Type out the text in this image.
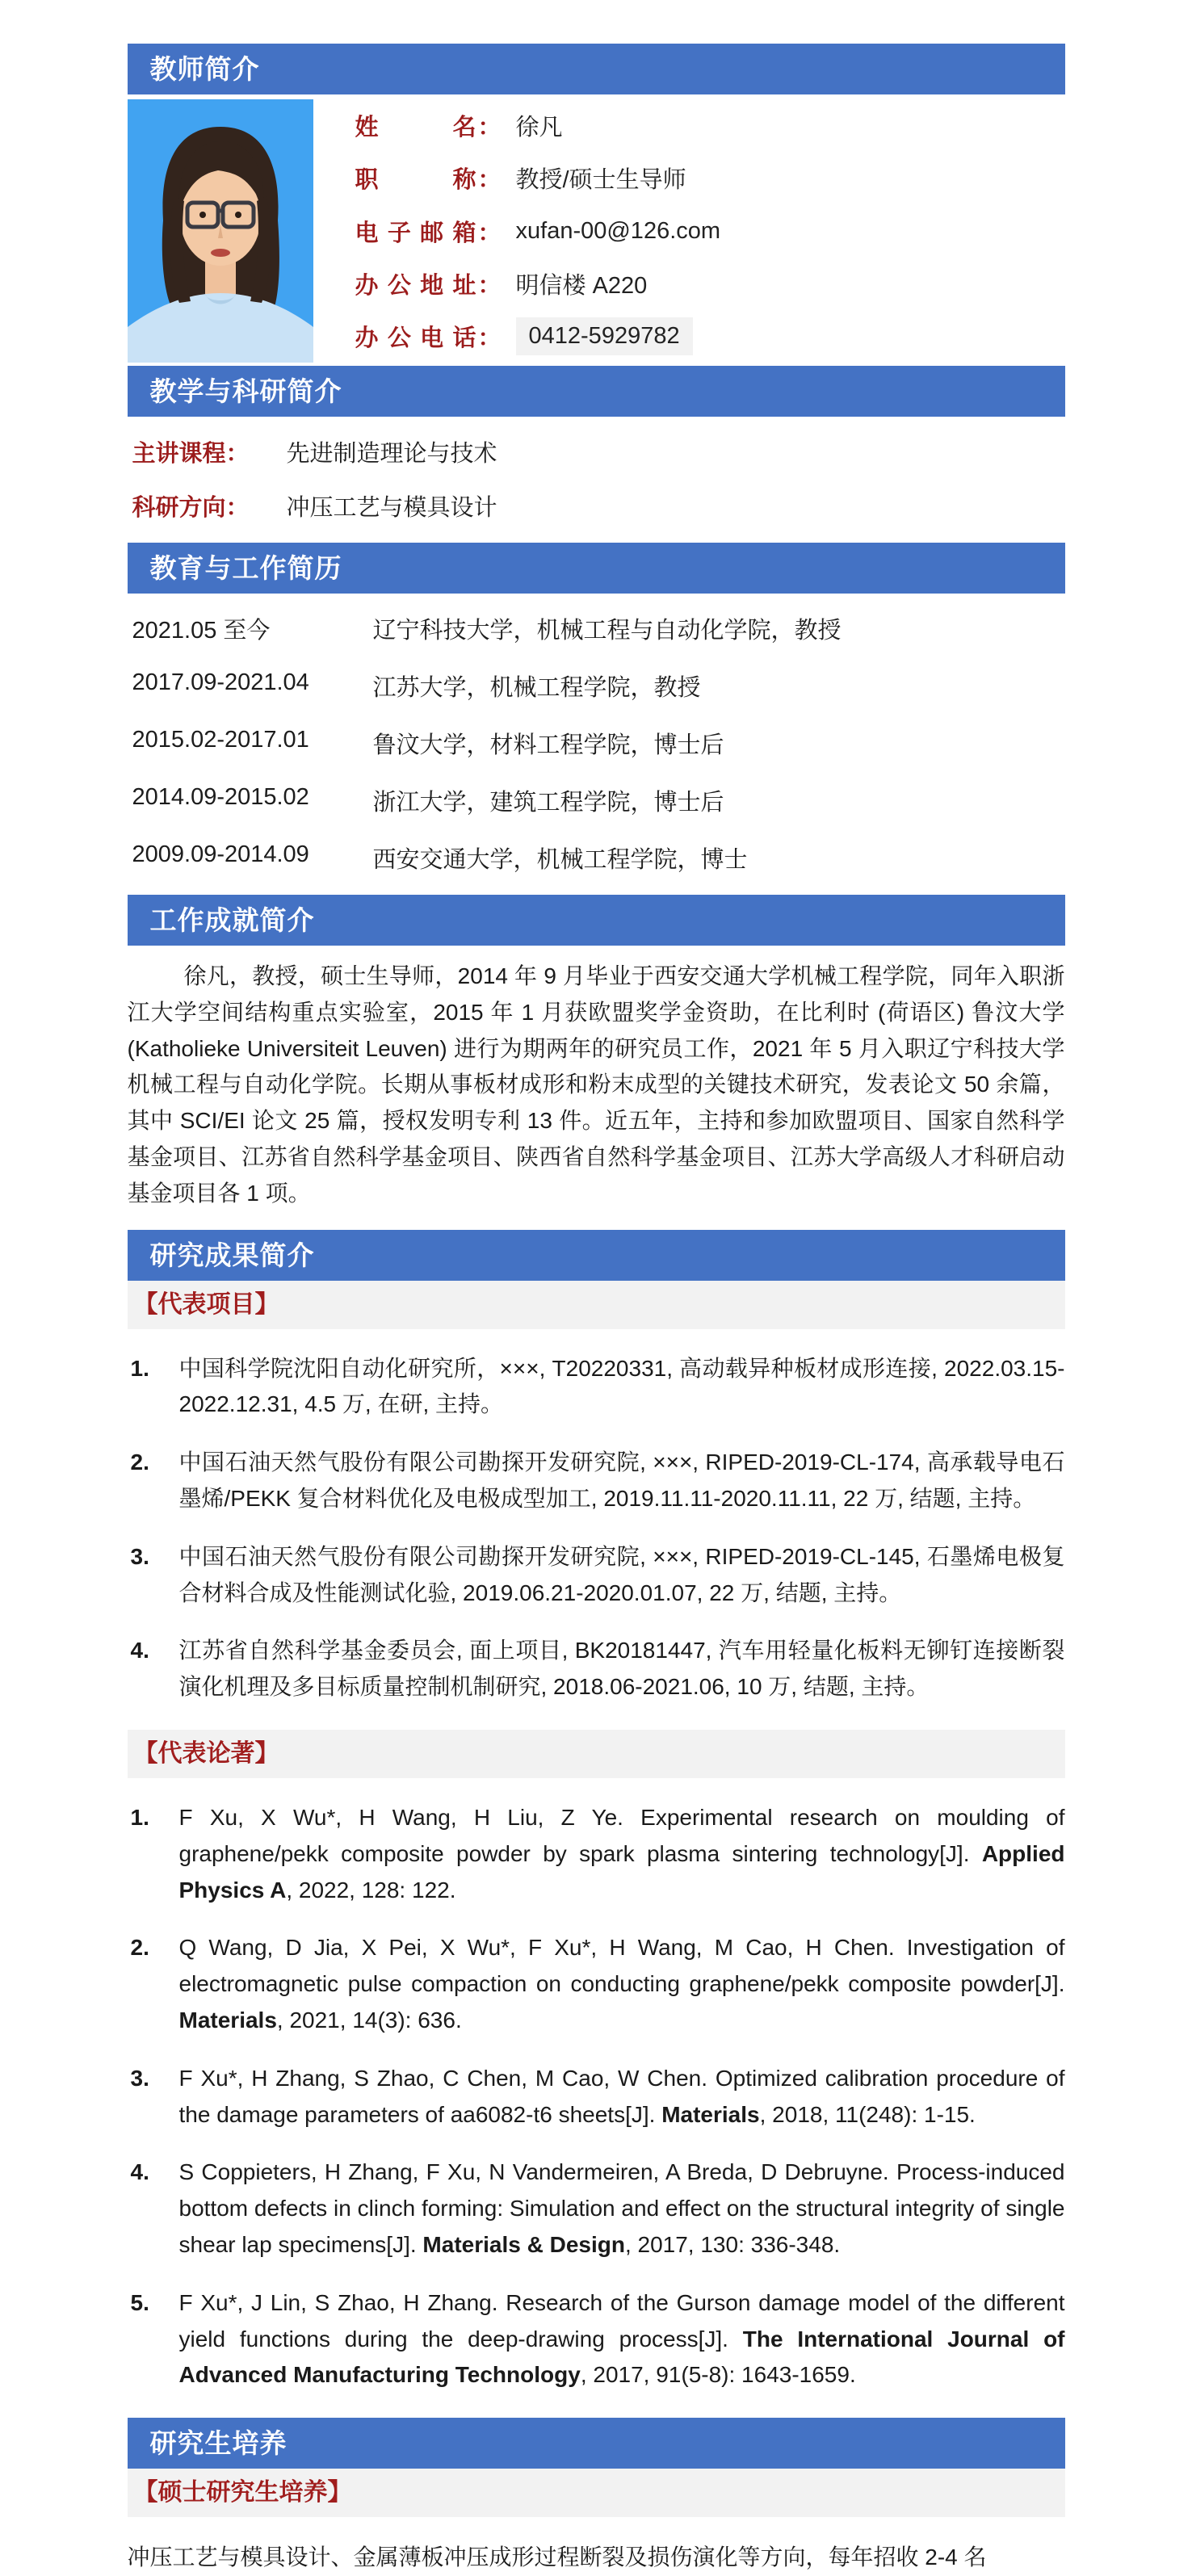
教师简介
姓名 ： 徐凡
职称 ： 教授/硕士生导师
电子邮箱 ： xufan-00@126.com
办公地址 ： 明信楼 A220
办公电话 ：	0412-5929782
教学与科研简介
主讲课程： 先进制造理论与技术
科研方向： 冲压工艺与模具设计
教育与工作简历
2021.05 至今	辽宁科技大学，机械工程与自动化学院，教授
2017.09-2021.04	江苏大学，机械工程学院，教授
2015.02-2017.01	鲁汶大学，材料工程学院，博士后
2014.09-2015.02	浙江大学，建筑工程学院，博士后
2009.09-2014.09	西安交通大学，机械工程学院，博士
工作成就简介

徐凡，教授，硕士生导师，2014 年 9 月毕业于西安交通大学机械工程学院，同年入职浙江大学空间结构重点实验室，2015 年 1 月获欧盟奖学金资助，在比利时 (荷语区) 鲁汶大学 (Katholieke Universiteit Leuven) 进行为期两年的研究员工作，2021 年 5 月入职辽宁科技大学机械工程与自动化学院。长期从事板材成形和粉末成型的关键技术研究，发表论文 50 余篇，其中 SCI/EI 论文 25 篇，授权发明专利 13 件。近五年，主持和参加欧盟项目、国家自然科学基金项目、江苏省自然科学基金项目、陕西省自然科学基金项目、江苏大学高级人才科研启动基金项目各 1 项。

研究成果简介
【代表项目】
1. 中国科学院沈阳自动化研究所，×××, T20220331, 高动载异种板材成形连接, 2022.03.15-2022.12.31, 4.5 万, 在研, 主持。
2. 中国石油天然气股份有限公司勘探开发研究院, ×××, RIPED-2019-CL-174, 高承载导电石墨烯/PEKK 复合材料优化及电极成型加工, 2019.11.11-2020.11.11, 22 万, 结题, 主持。
3. 中国石油天然气股份有限公司勘探开发研究院, ×××, RIPED-2019-CL-145, 石墨烯电极复合材料合成及性能测试化验, 2019.06.21-2020.01.07, 22 万, 结题, 主持。
4. 江苏省自然科学基金委员会, 面上项目, BK20181447, 汽车用轻量化板料无铆钉连接断裂演化机理及多目标质量控制机制研究, 2018.06-2021.06, 10 万, 结题, 主持。
【代表论著】
1. F Xu, X Wu*, H Wang, H Liu, Z Ye. Experimental research on moulding of graphene/pekk composite powder by spark plasma sintering technology[J]. Applied Physics A, 2022, 128: 122.
2. Q Wang, D Jia, X Pei, X Wu*, F Xu*, H Wang, M Cao, H Chen. Investigation of electromagnetic pulse compaction on conducting graphene/pekk composite powder[J]. Materials, 2021, 14(3): 636.
3. F Xu*, H Zhang, S Zhao, C Chen, M Cao, W Chen. Optimized calibration procedure of the damage parameters of aa6082-t6 sheets[J]. Materials, 2018, 11(248): 1-15.
4. S Coppieters, H Zhang, F Xu, N Vandermeiren, A Breda, D Debruyne. Process-induced bottom defects in clinch forming: Simulation and effect on the structural integrity of single shear lap specimens[J]. Materials & Design, 2017, 130: 336-348.
5. F Xu*, J Lin, S Zhao, H Zhang. Research of the Gurson damage model of the different yield functions during the deep-drawing process[J]. The International Journal of Advanced Manufacturing Technology, 2017, 91(5-8): 1643-1659.
研究生培养
【硕士研究生培养】

冲压工艺与模具设计、金属薄板冲压成形过程断裂及损伤演化等方向，每年招收 2-4 名
